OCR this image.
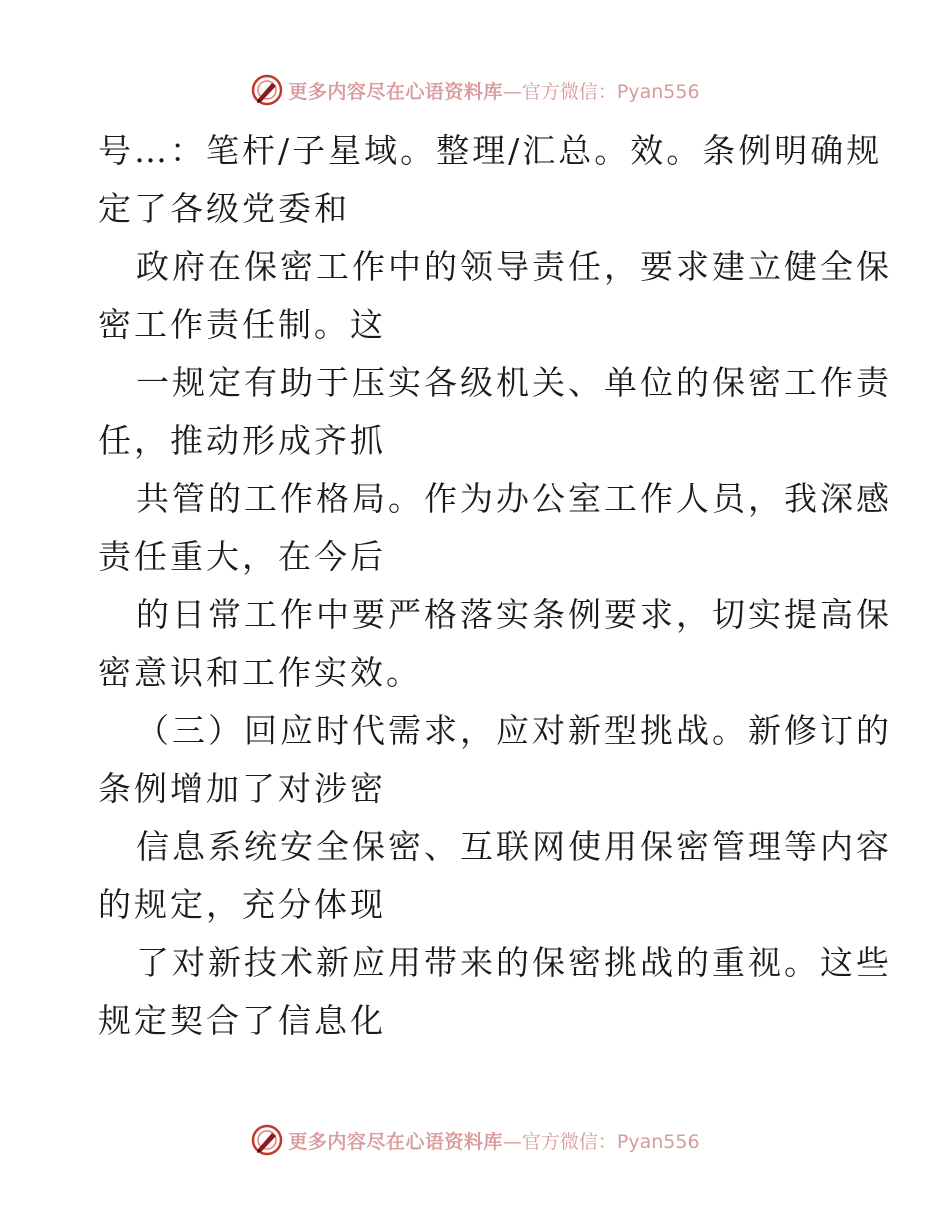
更多内容尽在心语资料库 —官方微信：Pyan556

号…：笔杆/子星域。整理/汇总。效。条例明确规
定了各级党委和

政府在保密工作中的领导责任，要求建立健全保
密工作责任制。这

一规定有助于压实各级机关、单位的保密工作责
任，推动形成齐抓

共管的工作格局。作为办公室工作人员，我深感
责任重大，在今后

的日常工作中要严格落实条例要求，切实提高保
密意识和工作实效。

（三）回应时代需求，应对新型挑战。新修订的
条例增加了对涉密

信息系统安全保密、互联网使用保密管理等内容
的规定，充分体现

了对新技术新应用带来的保密挑战的重视。这些
规定契合了信息化

更多内容尽在心语资料库 —官方微信：Pyan556
